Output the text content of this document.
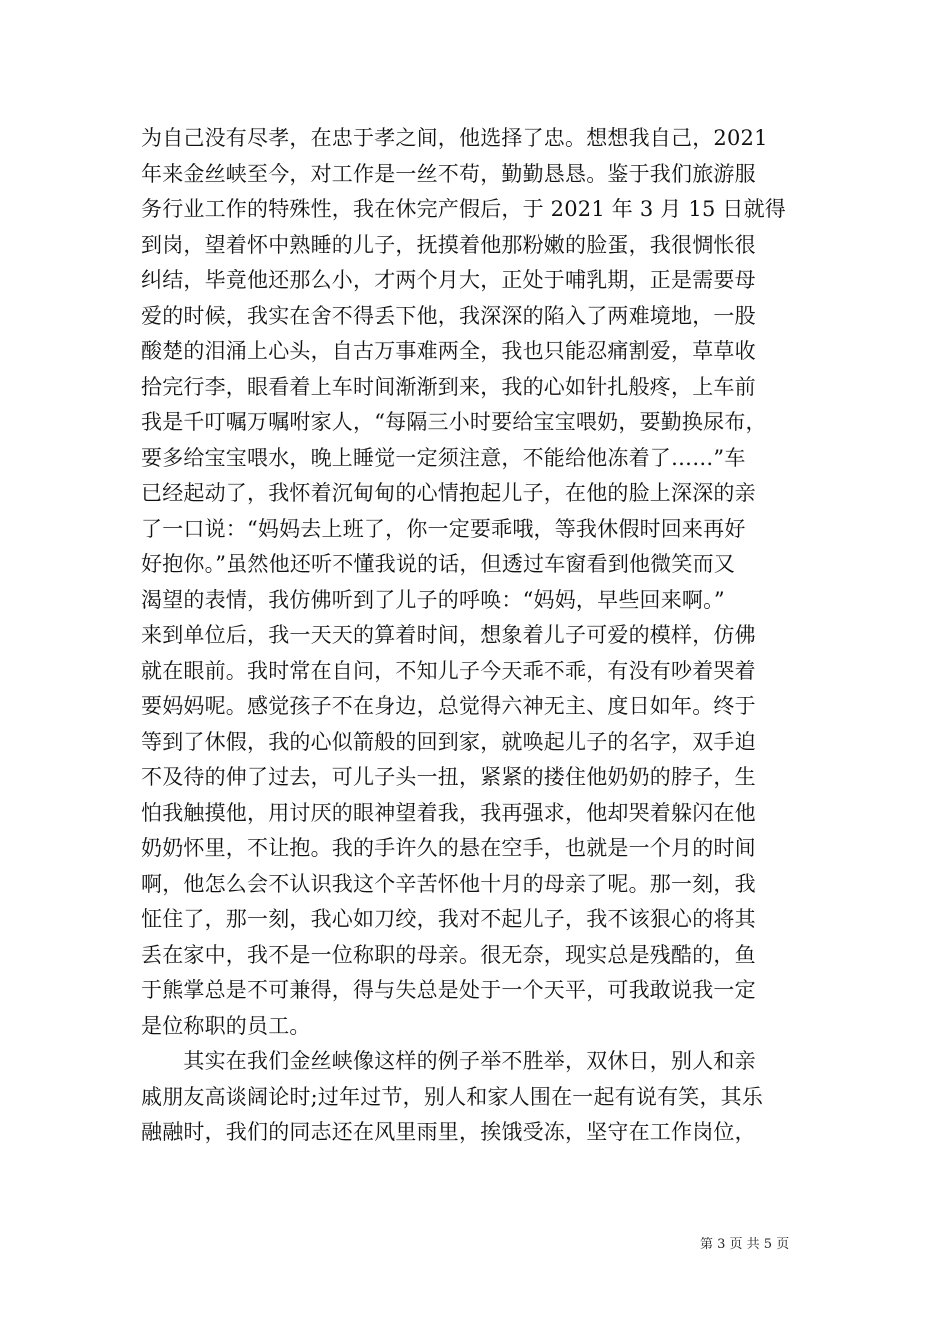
为自己没有尽孝，在忠于孝之间，他选择了忠。想想我自己，2021
年来金丝峡至今，对工作是一丝不苟，勤勤恳恳。鉴于我们旅游服
务行业工作的特殊性，我在休完产假后，于 2021 年 3 月 15 日就得
到岗，望着怀中熟睡的儿子，抚摸着他那粉嫩的脸蛋，我很惆怅很
纠结，毕竟他还那么小，才两个月大，正处于哺乳期，正是需要母
爱的时候，我实在舍不得丢下他，我深深的陷入了两难境地，一股
酸楚的泪涌上心头，自古万事难两全，我也只能忍痛割爱，草草收
拾完行李，眼看着上车时间渐渐到来，我的心如针扎般疼，上车前
我是千叮嘱万嘱咐家人，“每隔三小时要给宝宝喂奶，要勤换尿布，
要多给宝宝喂水，晚上睡觉一定须注意，不能给他冻着了……”车
已经起动了，我怀着沉甸甸的心情抱起儿子，在他的脸上深深的亲
了一口说：“妈妈去上班了，你一定要乖哦，等我休假时回来再好
好抱你。”虽然他还听不懂我说的话，但透过车窗看到他微笑而又
渴望的表情，我仿佛听到了儿子的呼唤：“妈妈，早些回来啊。”
来到单位后，我一天天的算着时间，想象着儿子可爱的模样，仿佛
就在眼前。我时常在自问，不知儿子今天乖不乖，有没有吵着哭着
要妈妈呢。感觉孩子不在身边，总觉得六神无主、度日如年。终于
等到了休假，我的心似箭般的回到家，就唤起儿子的名字，双手迫
不及待的伸了过去，可儿子头一扭，紧紧的搂住他奶奶的脖子，生
怕我触摸他，用讨厌的眼神望着我，我再强求，他却哭着躲闪在他
奶奶怀里，不让抱。我的手许久的悬在空手，也就是一个月的时间
啊，他怎么会不认识我这个辛苦怀他十月的母亲了呢。那一刻，我
怔住了，那一刻，我心如刀绞，我对不起儿子，我不该狠心的将其
丢在家中，我不是一位称职的母亲。很无奈，现实总是残酷的，鱼
于熊掌总是不可兼得，得与失总是处于一个天平，可我敢说我一定
是位称职的员工。
　　其实在我们金丝峡像这样的例子举不胜举，双休日，别人和亲
戚朋友高谈阔论时;过年过节，别人和家人围在一起有说有笑，其乐
融融时，我们的同志还在风里雨里，挨饿受冻，坚守在工作岗位，
第 3 页 共 5 页
